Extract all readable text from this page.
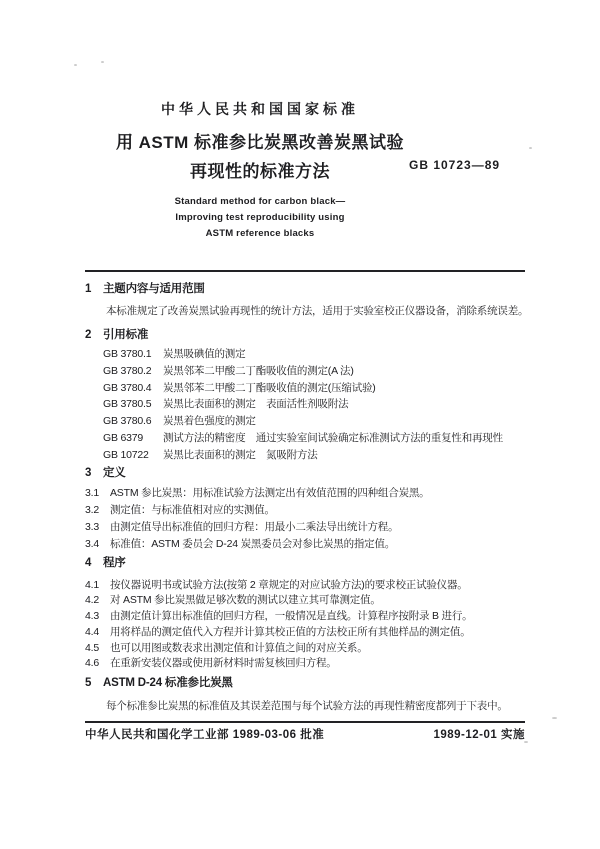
中华人民共和国国家标准
用 ASTM 标准参比炭黑改善炭黑试验
再现性的标准方法	GB 10723—89
Standard method for carbon black—
Improving test reproducibility using
ASTM reference blacks
1	主题内容与适用范围

本标准规定了改善炭黑试验再现性的统计方法，适用于实验室校正仪器设备，消除系统误差。

2	引用标准
GB 3780.1	炭黑吸碘值的测定
GB 3780.2	炭黑邻苯二甲酸二丁酯吸收值的测定(A 法)
GB 3780.4	炭黑邻苯二甲酸二丁酯吸收值的测定(压缩试验)
GB 3780.5	炭黑比表面积的测定　表面活性剂吸附法
GB 3780.6	炭黑着色强度的测定
GB 6379	测试方法的精密度　通过实验室间试验确定标准测试方法的重复性和再现性
GB 10722	炭黑比表面积的测定　氮吸附方法
3	定义
3.1	ASTM 参比炭黑：用标准试验方法测定出有效值范围的四种组合炭黑。
3.2	测定值：与标准值相对应的实测值。
3.3	由测定值导出标准值的回归方程：用最小二乘法导出统计方程。
3.4	标准值：ASTM 委员会 D-24 炭黑委员会对参比炭黑的指定值。
4	程序
4.1	按仪器说明书或试验方法(按第 2 章规定的对应试验方法)的要求校正试验仪器。
4.2	对 ASTM 参比炭黑做足够次数的测试以建立其可靠测定值。
4.3	由测定值计算出标准值的回归方程，一般情况是直线。计算程序按附录 B 进行。
4.4	用将样品的测定值代入方程并计算其校正值的方法校正所有其他样品的测定值。
4.5	也可以用图或数表求出测定值和计算值之间的对应关系。
4.6	在重新安装仪器或使用新材料时需复核回归方程。
5	ASTM D-24 标准参比炭黑

每个标准参比炭黑的标准值及其误差范围与每个试验方法的再现性精密度都列于下表中。

中华人民共和国化学工业部 1989-03-06 批准	1989-12-01 实施
